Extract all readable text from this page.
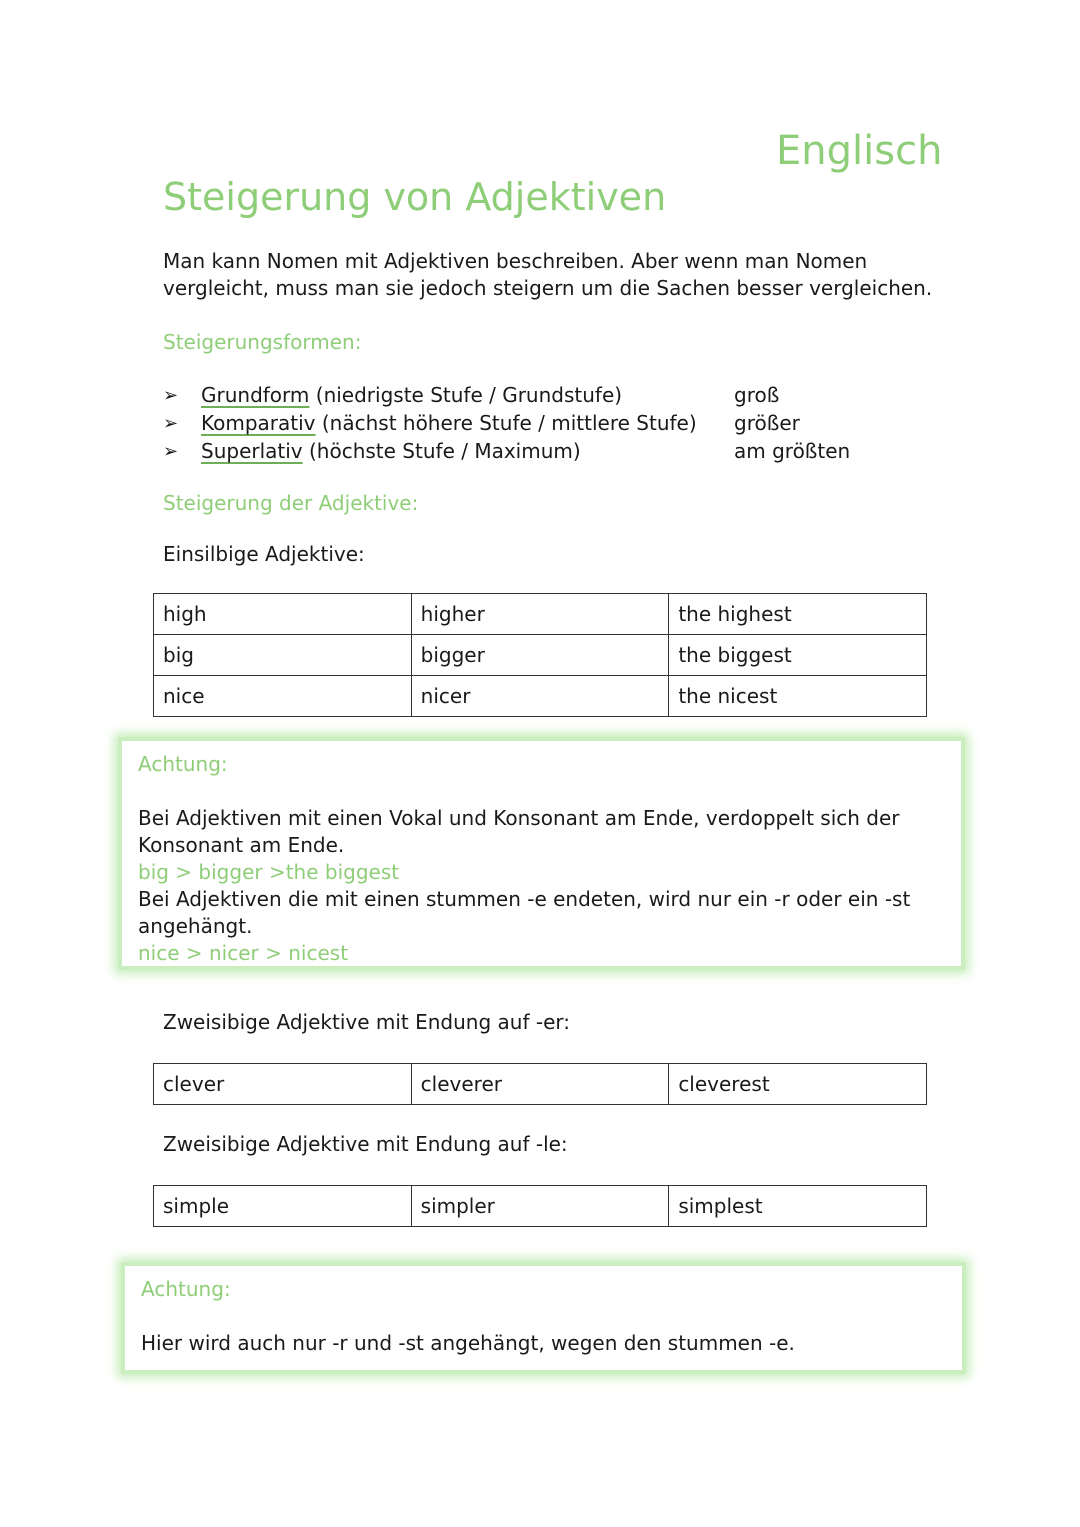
Englisch
Steigerung von Adjektiven
Man kann Nomen mit Adjektiven beschreiben. Aber wenn man Nomen vergleicht, muss man sie jedoch steigern um die Sachen besser vergleichen.
Steigerungsformen:
➢	Grundform (niedrigste Stufe / Grundstufe)	groß
➢	Komparativ (nächst höhere Stufe / mittlere Stufe)	größer
➢	Superlativ (höchste Stufe / Maximum)	am größten
Steigerung der Adjektive:
Einsilbige Adjektive:
high	higher	the highest
big	bigger	the biggest
nice	nicer	the nicest
Achtung:
Bei Adjektiven mit einen Vokal und Konsonant am Ende, verdoppelt sich der Konsonant am Ende.
big > bigger >the biggest
Bei Adjektiven die mit einen stummen -e endeten, wird nur ein -r oder ein -st angehängt.
nice > nicer > nicest
Zweisibige Adjektive mit Endung auf -er:
clever	cleverer	cleverest
Zweisibige Adjektive mit Endung auf -le:
simple	simpler	simplest
Achtung:
Hier wird auch nur -r und -st angehängt, wegen den stummen -e.
